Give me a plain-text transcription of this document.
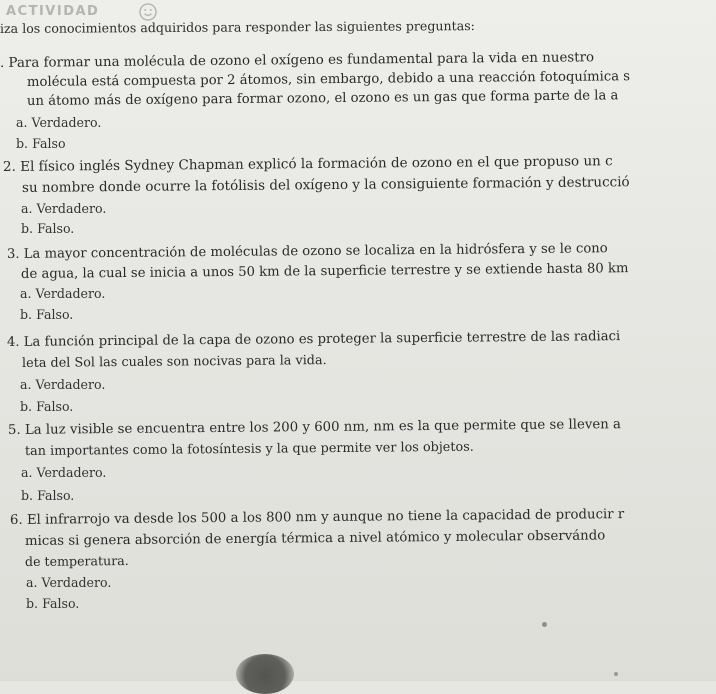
ACTIVIDAD
iza los conocimientos adquiridos para responder las siguientes preguntas:
. Para formar una molécula de ozono el oxígeno es fundamental para la vida en nuestro
molécula está compuesta por 2 átomos, sin embargo, debido a una reacción fotoquímica s
un átomo más de oxígeno para formar ozono, el ozono es un gas que forma parte de la a
a. Verdadero.
b. Falso
2. El físico inglés Sydney Chapman explicó la formación de ozono en el que propuso un c
su nombre donde ocurre la fotólisis del oxígeno y la consiguiente formación y destrucció
a. Verdadero.
b. Falso.
3. La mayor concentración de moléculas de ozono se localiza en la hidrósfera y se le cono
de agua, la cual se inicia a unos 50 km de la superficie terrestre y se extiende hasta 80 km
a. Verdadero.
b. Falso.
4. La función principal de la capa de ozono es proteger la superficie terrestre de las radiaci
leta del Sol las cuales son nocivas para la vida.
a. Verdadero.
b. Falso.
5. La luz visible se encuentra entre los 200 y 600 nm, nm es la que permite que se lleven a
tan importantes como la fotosíntesis y la que permite ver los objetos.
a. Verdadero.
b. Falso.
6. El infrarrojo va desde los 500 a los 800 nm y aunque no tiene la capacidad de producir r
micas si genera absorción de energía térmica a nivel atómico y molecular observándo
de temperatura.
a. Verdadero.
b. Falso.
